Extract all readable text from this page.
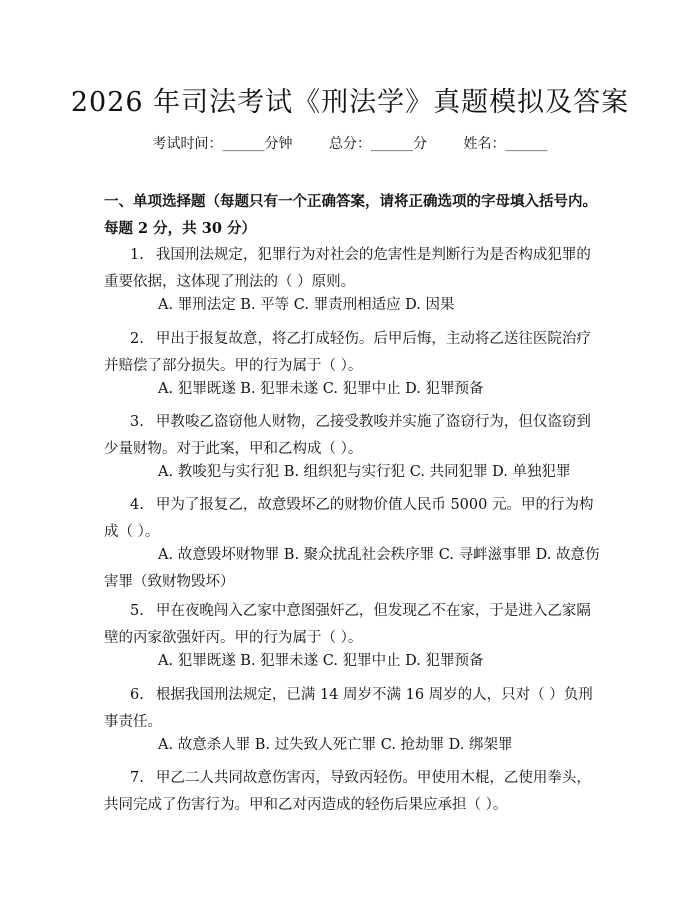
2026 年司法考试《刑法学》真题模拟及答案
考试时间：______分钟	总分：______分	姓名：______
一、单项选择题（每题只有一个正确答案，请将正确选项的字母填入括号内。每题 2 分，共 30 分）
1. 我国刑法规定，犯罪行为对社会的危害性是判断行为是否构成犯罪的重要依据，这体现了刑法的（ ）原则。
A. 罪刑法定 B. 平等 C. 罪责刑相适应 D. 因果
2. 甲出于报复故意，将乙打成轻伤。后甲后悔，主动将乙送往医院治疗并赔偿了部分损失。甲的行为属于（ ）。
A. 犯罪既遂 B. 犯罪未遂 C. 犯罪中止 D. 犯罪预备
3. 甲教唆乙盗窃他人财物，乙接受教唆并实施了盗窃行为，但仅盗窃到少量财物。对于此案，甲和乙构成（ ）。
A. 教唆犯与实行犯 B. 组织犯与实行犯 C. 共同犯罪 D. 单独犯罪
4. 甲为了报复乙，故意毁坏乙的财物价值人民币 5000 元。甲的行为构成（ ）。
A. 故意毁坏财物罪 B. 聚众扰乱社会秩序罪 C. 寻衅滋事罪 D. 故意伤害罪（致财物毁坏）
5. 甲在夜晚闯入乙家中意图强奸乙，但发现乙不在家，于是进入乙家隔壁的丙家欲强奸丙。甲的行为属于（ ）。
A. 犯罪既遂 B. 犯罪未遂 C. 犯罪中止 D. 犯罪预备
6. 根据我国刑法规定，已满 14 周岁不满 16 周岁的人，只对（ ）负刑事责任。
A. 故意杀人罪 B. 过失致人死亡罪 C. 抢劫罪 D. 绑架罪
7. 甲乙二人共同故意伤害丙，导致丙轻伤。甲使用木棍，乙使用拳头，共同完成了伤害行为。甲和乙对丙造成的轻伤后果应承担（ ）。
